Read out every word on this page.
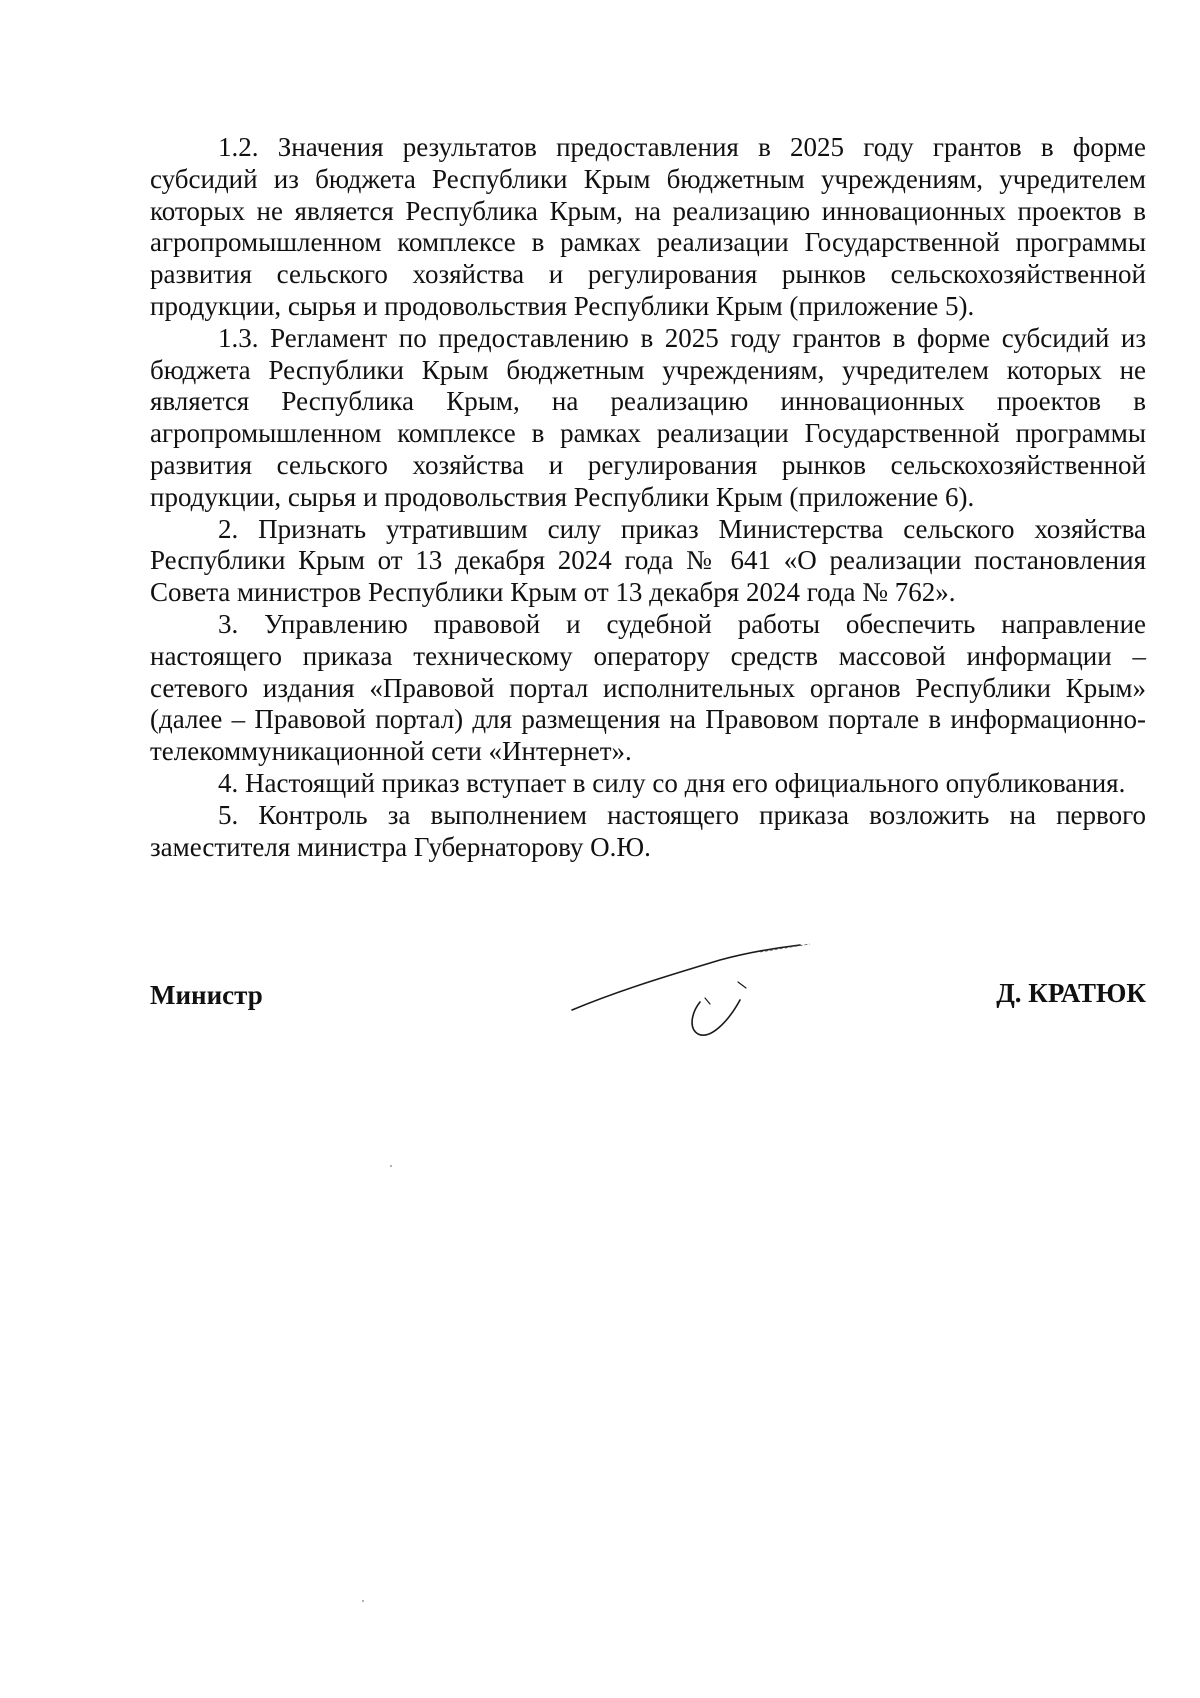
1.2. Значения результатов предоставления в 2025 году грантов в форме субсидий из бюджета Республики Крым бюджетным учреждениям, учредителем которых не является Республика Крым, на реализацию инновационных проектов в агропромышленном комплексе в рамках реализации Государственной программы развития сельского хозяйства и регулирования рынков сельскохозяйственной продукции, сырья и продовольствия Республики Крым (приложение 5).

1.3. Регламент по предоставлению в 2025 году грантов в форме субсидий из бюджета Республики Крым бюджетным учреждениям, учредителем которых не является Республика Крым, на реализацию инновационных проектов в агропромышленном комплексе в рамках реализации Государственной программы развития сельского хозяйства и регулирования рынков сельскохозяйственной продукции, сырья и продовольствия Республики Крым (приложение 6).

2. Признать утратившим силу приказ Министерства сельского хозяйства Республики Крым от 13 декабря 2024 года № 641 «О реализации постановления Совета министров Республики Крым от 13 декабря 2024 года № 762».

3. Управлению правовой и судебной работы обеспечить направление настоящего приказа техническому оператору средств массовой информации – сетевого издания «Правовой портал исполнительных органов Республики Крым» (далее – Правовой портал) для размещения на Правовом портале в информационно-телекоммуникационной сети «Интернет».

4. Настоящий приказ вступает в силу со дня его официального опубликования.

5. Контроль за выполнением настоящего приказа возложить на первого заместителя министра Губернаторову О.Ю.

Министр	Д. КРАТЮК
